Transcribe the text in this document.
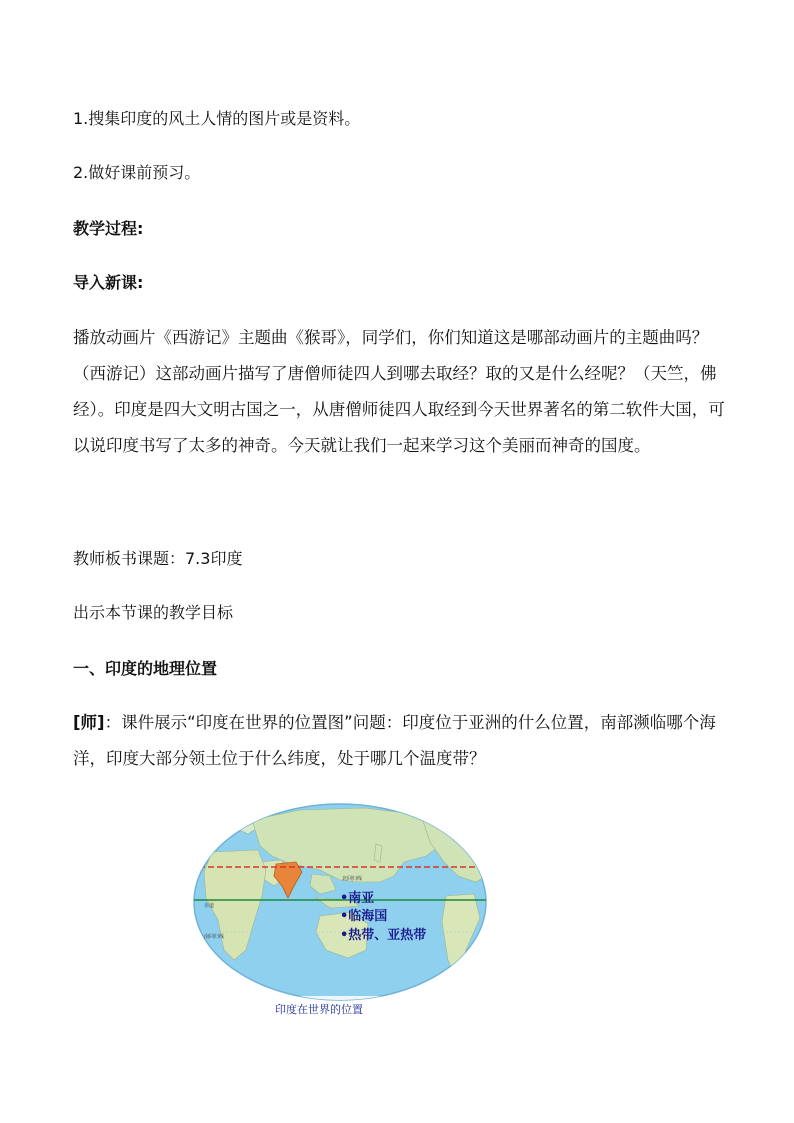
1.搜集印度的风土人情的图片或是资料。
2.做好课前预习。
教学过程:
导入新课:
播放动画片《西游记》主题曲《猴哥》，同学们，你们知道这是哪部动画片的主题曲吗？（西游记）这部动画片描写了唐僧师徒四人到哪去取经？取的又是什么经呢？（天竺，佛经）。印度是四大文明古国之一，从唐僧师徒四人取经到今天世界著名的第二软件大国，可以说印度书写了太多的神奇。今天就让我们一起来学习这个美丽而神奇的国度。
教师板书课题：7.3印度
出示本节课的教学目标
一、印度的地理位置
[师]：课件展示“印度在世界的位置图”问题：印度位于亚洲的什么位置，南部濒临哪个海洋，印度大部分领土位于什么纬度，处于哪几个温度带？
北回归线
赤道
南回归线
•南亚
•临海国
•热带、亚热带
印度在世界的位置
